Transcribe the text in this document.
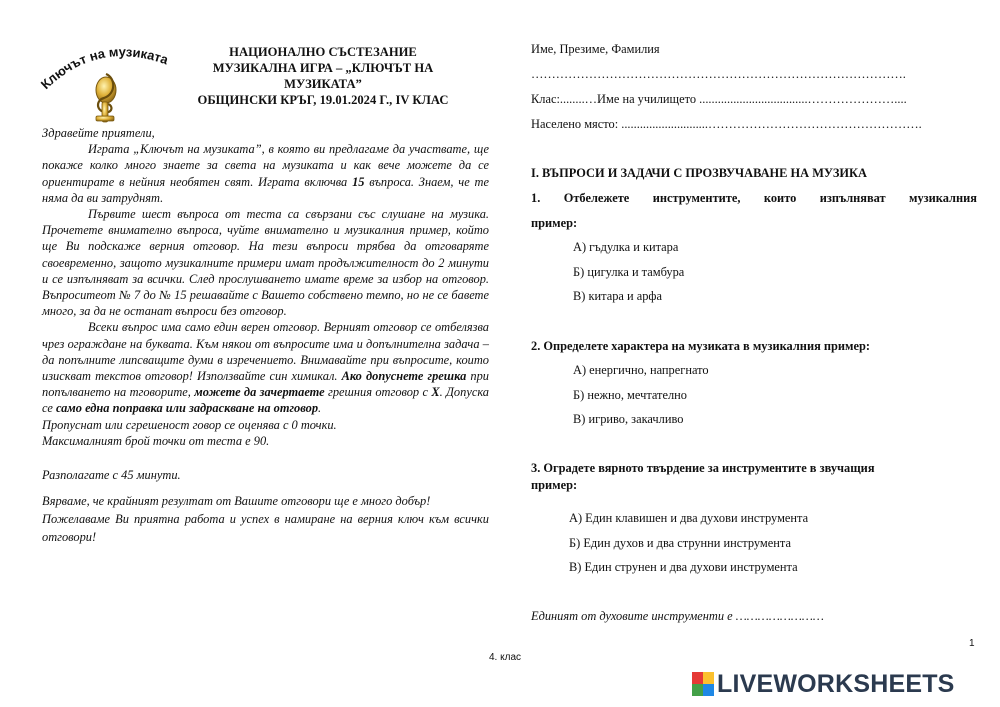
Ключът на музиката	НАЦИОНАЛНО СЪСТЕЗАНИЕ
МУЗИКАЛНА ИГРА – „КЛЮЧЪТ НА
МУЗИКАТА”
ОБЩИНСКИ КРЪГ, 19.01.2024 Г., IV КЛАС

Здравейте приятели,

Играта „Ключът на музиката”, в която ви предлагаме да участвате, ще покаже колко много знаете за света на музиката и как вече можете да се ориентирате в нейния необятен свят. Играта включва 15 въпроса. Знаем, че те няма да ви затруднят.

Първите шест въпроса от теста са свързани със слушане на музика. Прочетете внимателно въпроса, чуйте внимателно и музикалния пример, който ще Ви подскаже верния отговор. На тези въпроси трябва да отговаряте своевременно, защото музикалните примери имат продължителност до 2 минути и се изпълняват за всички. След прослушването имате време за избор на отговор. Въпроситеот № 7 до № 15 решавайте с Вашето собствено темпо, но не се бавете много, за да не останат въпроси без отговор.

Всеки въпрос има само един верен отговор. Верният отговор се отбелязва чрез ограждане на буквата. Към някои от въпросите има и допълнителна задача – да попълните липсващите думи в изречението. Внимавайте при въпросите, които изискват текстов отговор! Използвайте син химикал. Ако допуснете грешка при попълването на тговорите, можете да зачертаете грешния отговор с Х. Допуска се само една поправка или задраскване на отговор.

Пропуснат или сгрешеност говор се оценява с 0 точки.

Максималният брой точки от теста е 90.

Разполагате с 45 минути.

Вярваме, че крайният резултат от Вашите отговори ще е много добър!

Пожелаваме Ви приятна работа и успех в намиране на верния ключ към всички отговори!

Име, Презиме, Фамилия
……………………………………………………………………………….
Клас:........…Име на училището ...................................…………………....
Населено място: ............................…………………………………………….
I. ВЪПРОСИ И ЗАДАЧИ С ПРОЗВУЧАВАНЕ НА МУЗИКА
1. Отбележете инструментите, които изпълняват музикалния
пример:
А) гъдулка и китара
Б) цигулка и тамбура
В) китара и арфа
2. Определете характера на музиката в музикалния пример:
А) енергично, напрегнато
Б) нежно, мечтателно
В) игриво, закачливо
3. Оградете вярното твърдение за инструментите в звучащия
пример:
А) Един клавишен и два духови инструмента
Б) Един духов и два струнни инструмента
В) Един струнен и два духови инструмента
Единият от духовите инструменти е ……………………
1
4. клас
LIVEWORKSHEETS
